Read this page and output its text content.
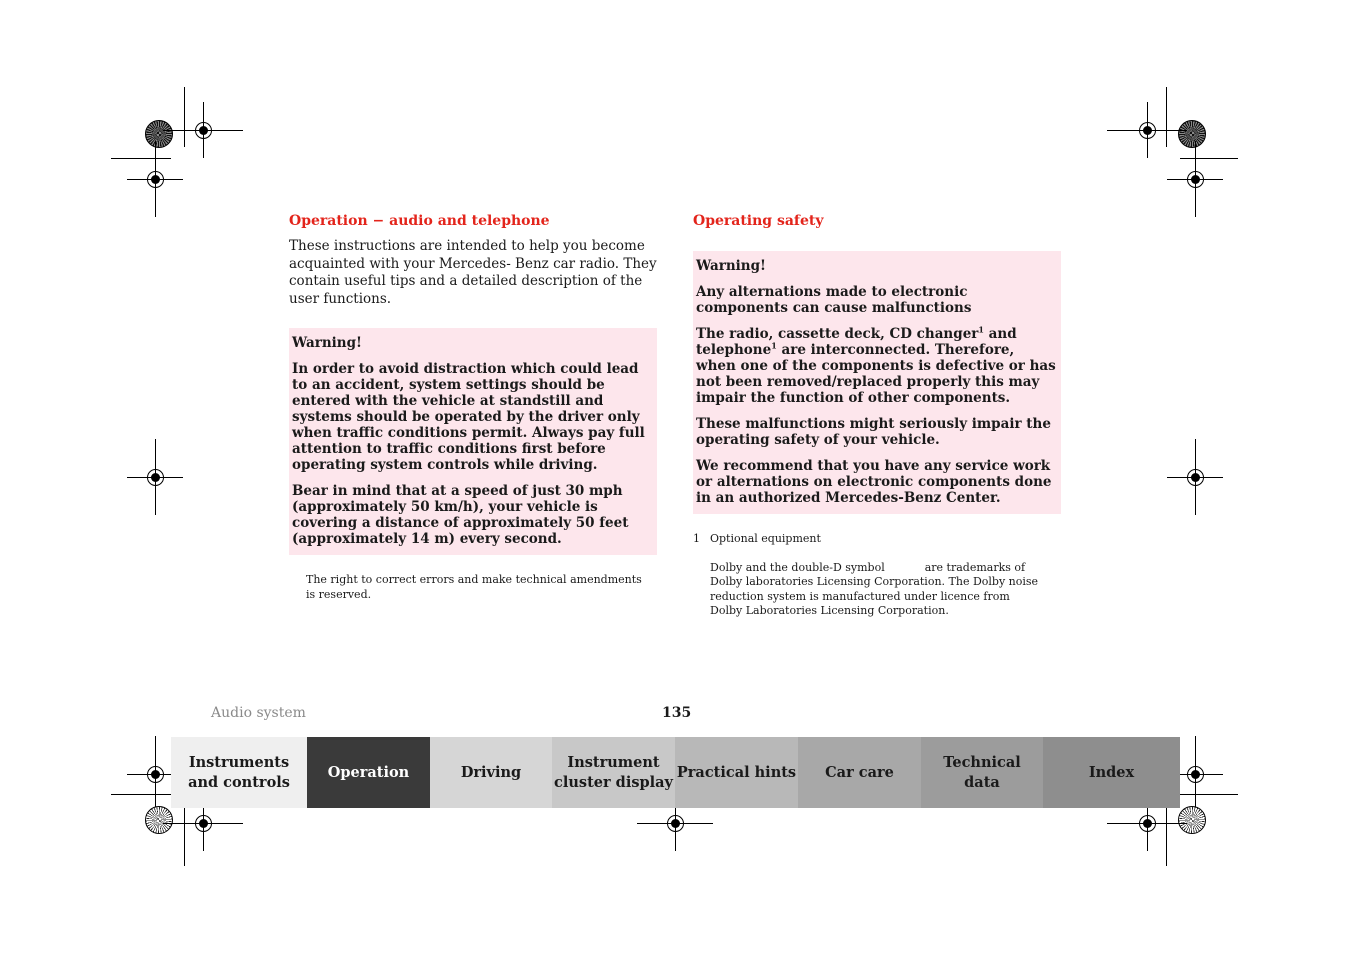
Operation − audio and telephone

These instructions are intended to help you become acquainted with your Mercedes- Benz car radio. They contain useful tips and a detailed description of the user functions.

Warning!

In order to avoid distraction which could lead to an accident, system settings should be entered with the vehicle at standstill and systems should be operated by the driver only when traffic conditions permit. Always pay full attention to traffic conditions first before operating system controls while driving.

Bear in mind that at a speed of just 30 mph (approximately 50 km/h), your vehicle is covering a distance of approximately 50 feet (approximately 14 m) every second.

The right to correct errors and make technical amendments is reserved.

Operating safety

Warning!

Any alternations made to electronic components can cause malfunctions

The radio, cassette deck, CD changer$^1$ and telephone$^1$ are interconnected. Therefore, when one of the components is defective or has not been removed/replaced properly this may impair the function of other components.

These malfunctions might seriously impair the operating safety of your vehicle.

We recommend that you have any service work or alternations on electronic components done in an authorized Mercedes-Benz Center.

1 Optional equipment
Dolby and the double-D symbol	are trademarks of Dolby laboratories Licensing Corporation. The Dolby noise reduction system is manufactured under licence from Dolby Laboratories Licensing Corporation.
Audio system	135
Instruments
and controls
Operation	Driving
Instrument
cluster display
Practical hints Car care
Technical
data
Index
